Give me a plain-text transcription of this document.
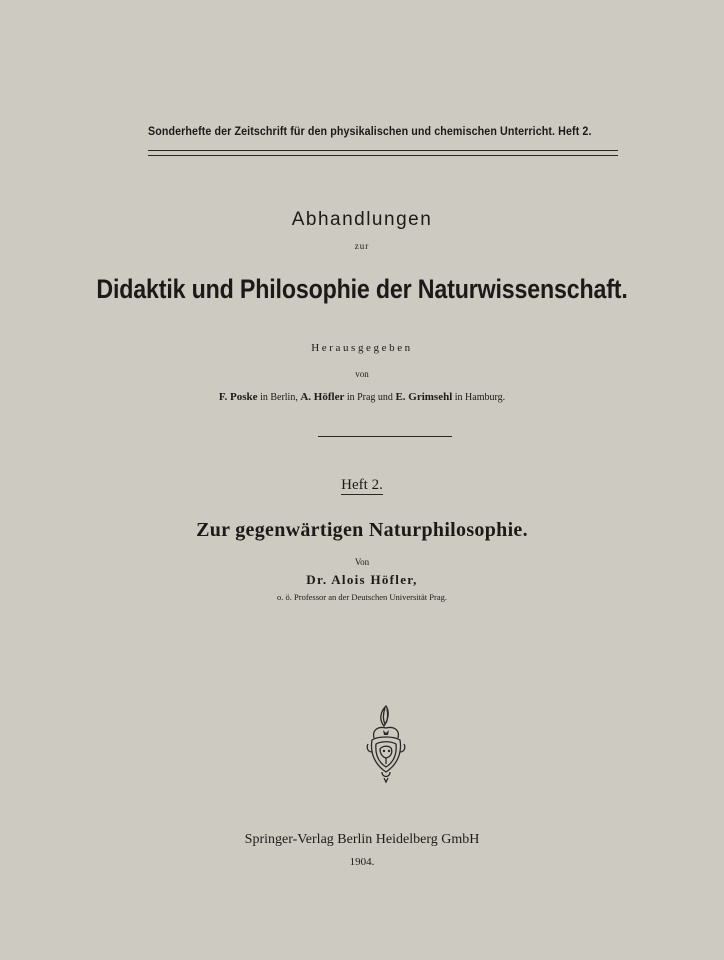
Sonderhefte der Zeitschrift für den physikalischen und chemischen Unterricht. Heft 2.
Abhandlungen
zur
Didaktik und Philosophie der Naturwissenschaft.
Herausgegeben
von
F. Poske in Berlin, A. Höfler in Prag und E. Grimsehl in Hamburg.
Heft 2.
Zur gegenwärtigen Naturphilosophie.
Von
Dr. Alois Höfler,
o. ö. Professor an der Deutschen Universität Prag.
Springer-Verlag Berlin Heidelberg GmbH
1904.
